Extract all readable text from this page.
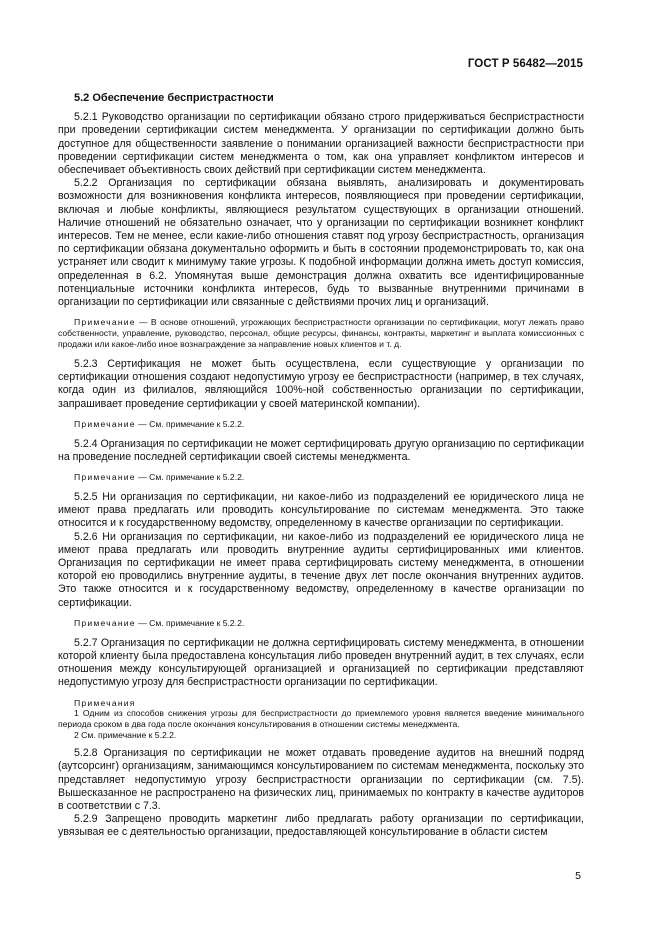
ГОСТ Р 56482—2015
5.2 Обеспечение беспристрастности

5.2.1 Руководство организации по сертификации обязано строго придерживаться беспристрастности при проведении сертификации систем менеджмента. У организации по сертификации должно быть доступное для общественности заявление о понимании организацией важности беспристрастности при проведении сертификации систем менеджмента о том, как она управляет конфликтом интересов и обеспечивает объективность своих действий при сертификации систем менеджмента.

5.2.2 Организация по сертификации обязана выявлять, анализировать и документировать возможности для возникновения конфликта интересов, появляющиеся при проведении сертификации, включая и любые конфликты, являющиеся результатом существующих в организации отношений. Наличие отношений не обязательно означает, что у организации по сертификации возникнет конфликт интересов. Тем не менее, если какие-либо отношения ставят под угрозу беспристрастность, организация по сертификации обязана документально оформить и быть в состоянии продемонстрировать то, как она устраняет или сводит к минимуму такие угрозы. К подобной информации должна иметь доступ комиссия, определенная в 6.2. Упомянутая выше демонстрация должна охватить все идентифицированные потенциальные источники конфликта интересов, будь то вызванные внутренними причинами в организации по сертификации или связанные с действиями прочих лиц и организаций.

Примечание — В основе отношений, угрожающих беспристрастности организации по сертификации, могут лежать право собственности, управление, руководство, персонал, общие ресурсы, финансы, контракты, маркетинг и выплата комиссионных с продажи или какое-либо иное вознаграждение за направление новых клиентов и т. д.

5.2.3 Сертификация не может быть осуществлена, если существующие у организации по сертификации отношения создают недопустимую угрозу ее беспристрастности (например, в тех случаях, когда один из филиалов, являющийся 100%-ной собственностью организации по сертификации, запрашивает проведение сертификации у своей материнской компании).

Примечание — См. примечание к 5.2.2.

5.2.4 Организация по сертификации не может сертифицировать другую организацию по сертификации на проведение последней сертификации своей системы менеджмента.

Примечание — См. примечание к 5.2.2.

5.2.5 Ни организация по сертификации, ни какое-либо из подразделений ее юридического лица не имеют права предлагать или проводить консультирование по системам менеджмента. Это также относится и к государственному ведомству, определенному в качестве организации по сертификации.

5.2.6 Ни организация по сертификации, ни какое-либо из подразделений ее юридического лица не имеют права предлагать или проводить внутренние аудиты сертифицированных ими клиентов. Организация по сертификации не имеет права сертифицировать систему менеджмента, в отношении которой ею проводились внутренние аудиты, в течение двух лет после окончания внутренних аудитов. Это также относится и к государственному ведомству, определенному в качестве организации по сертификации.

Примечание — См. примечание к 5.2.2.

5.2.7 Организация по сертификации не должна сертифицировать систему менеджмента, в отношении которой клиенту была предоставлена консультация либо проведен внутренний аудит, в тех случаях, если отношения между консультирующей организацией и организацией по сертификации представляют недопустимую угрозу для беспристрастности организации по сертификации.

Примечания

1 Одним из способов снижения угрозы для беспристрастности до приемлемого уровня является введение минимального периода сроком в два года после окончания консультирования в отношении системы менеджмента.

2 См. примечание к 5.2.2.

5.2.8 Организация по сертификации не может отдавать проведение аудитов на внешний подряд (аутсорсинг) организациям, занимающимся консультированием по системам менеджмента, поскольку это представляет недопустимую угрозу беспристрастности организации по сертификации (см. 7.5). Вышесказанное не распространено на физических лиц, принимаемых по контракту в качестве аудиторов в соответствии с 7.3.

5.2.9 Запрещено проводить маркетинг либо предлагать работу организации по сертификации, увязывая ее с деятельностью организации, предоставляющей консультирование в области систем

5
